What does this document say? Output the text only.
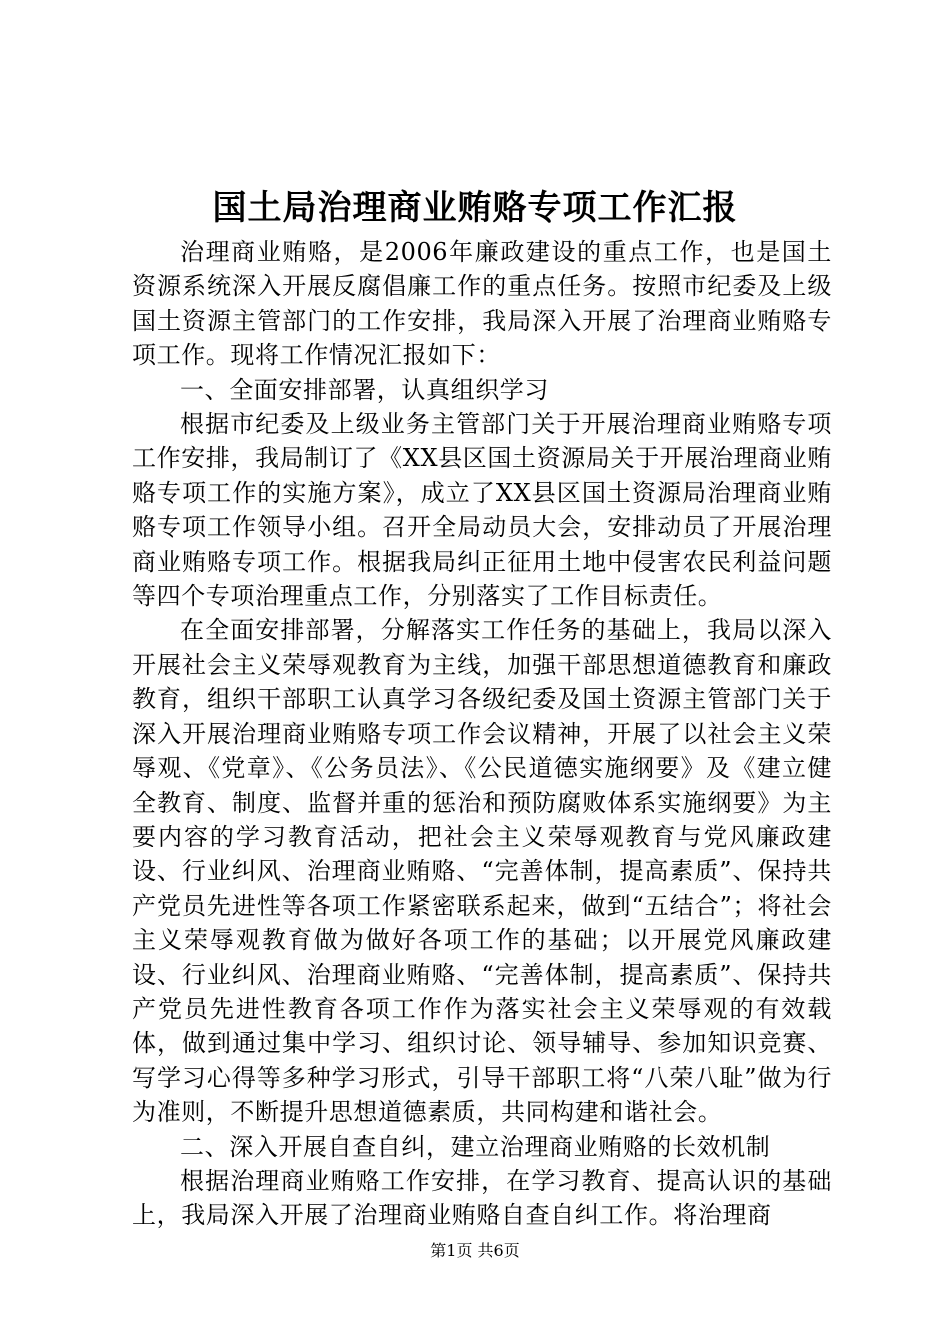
国土局治理商业贿赂专项工作汇报

治理商业贿赂，是2006年廉政建设的重点工作，也是国土资源系统深入开展反腐倡廉工作的重点任务。按照市纪委及上级国土资源主管部门的工作安排，我局深入开展了治理商业贿赂专项工作。现将工作情况汇报如下：

一、全面安排部署，认真组织学习

根据市纪委及上级业务主管部门关于开展治理商业贿赂专项工作安排，我局制订了《XX县区国土资源局关于开展治理商业贿赂专项工作的实施方案》，成立了XX县区国土资源局治理商业贿赂专项工作领导小组。召开全局动员大会，安排动员了开展治理商业贿赂专项工作。根据我局纠正征用土地中侵害农民利益问题等四个专项治理重点工作，分别落实了工作目标责任。

在全面安排部署，分解落实工作任务的基础上，我局以深入开展社会主义荣辱观教育为主线，加强干部思想道德教育和廉政教育，组织干部职工认真学习各级纪委及国土资源主管部门关于深入开展治理商业贿赂专项工作会议精神，开展了以社会主义荣辱观、《党章》、《公务员法》、《公民道德实施纲要》及《建立健全教育、制度、监督并重的惩治和预防腐败体系实施纲要》为主要内容的学习教育活动，把社会主义荣辱观教育与党风廉政建设、行业纠风、治理商业贿赂、“完善体制，提高素质”、保持共产党员先进性等各项工作紧密联系起来，做到“五结合”；将社会主义荣辱观教育做为做好各项工作的基础；以开展党风廉政建设、行业纠风、治理商业贿赂、“完善体制，提高素质”、保持共产党员先进性教育各项工作作为落实社会主义荣辱观的有效载体，做到通过集中学习、组织讨论、领导辅导、参加知识竞赛、写学习心得等多种学习形式，引导干部职工将“八荣八耻”做为行为准则，不断提升思想道德素质，共同构建和谐社会。

二、深入开展自查自纠，建立治理商业贿赂的长效机制

根据治理商业贿赂工作安排，在学习教育、提高认识的基础上，我局深入开展了治理商业贿赂自查自纠工作。将治理商

第1页 共6页
